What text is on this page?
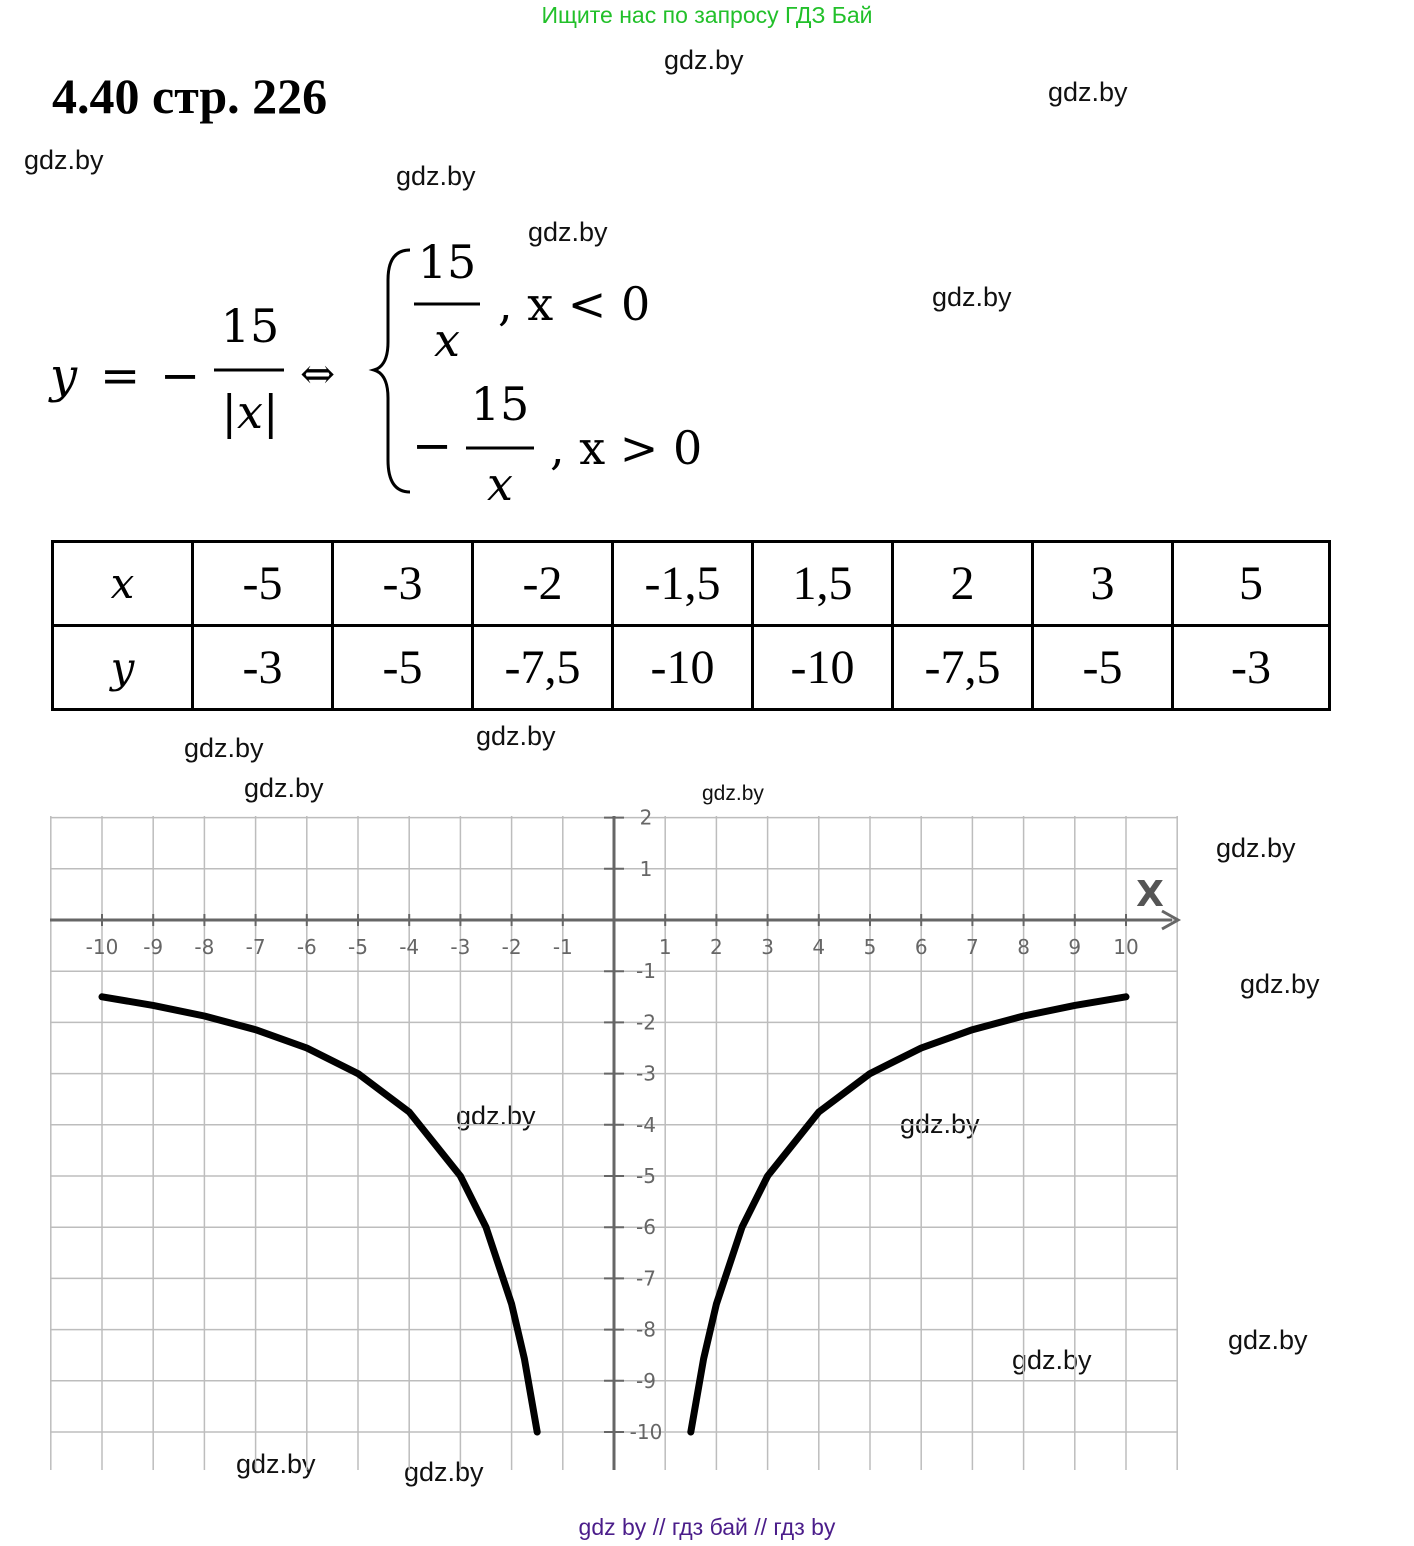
Ищите нас по запросу ГДЗ Бай
4.40 стр. 226
gdz.by
gdz.by
gdz.by
gdz.by
gdz.by
gdz.by
gdz.by	gdz.by
gdz.by	gdz.by
gdz.by
gdz.by
gdz.by	gdz.by
gdz.by
gdz.by
gdz.by	gdz.by
y = −
15
|x|
⇔
15
x
, x < 0
−
15
x
, x > 0
x	-5	-3	-2	-1,5	1,5	2	3	5
y	-3	-5	-7,5	-10	-10	-7,5	-5	-3
X
-10 -9 -8 -7 -6 -5 -4 -3 -2 -1	1 2 3 4 5 6 7 8 9 10
2
1
-1
-2
-3
-4
-5
-6
-7
-8
-9
-10
gdz by // гдз бай // гдз by
